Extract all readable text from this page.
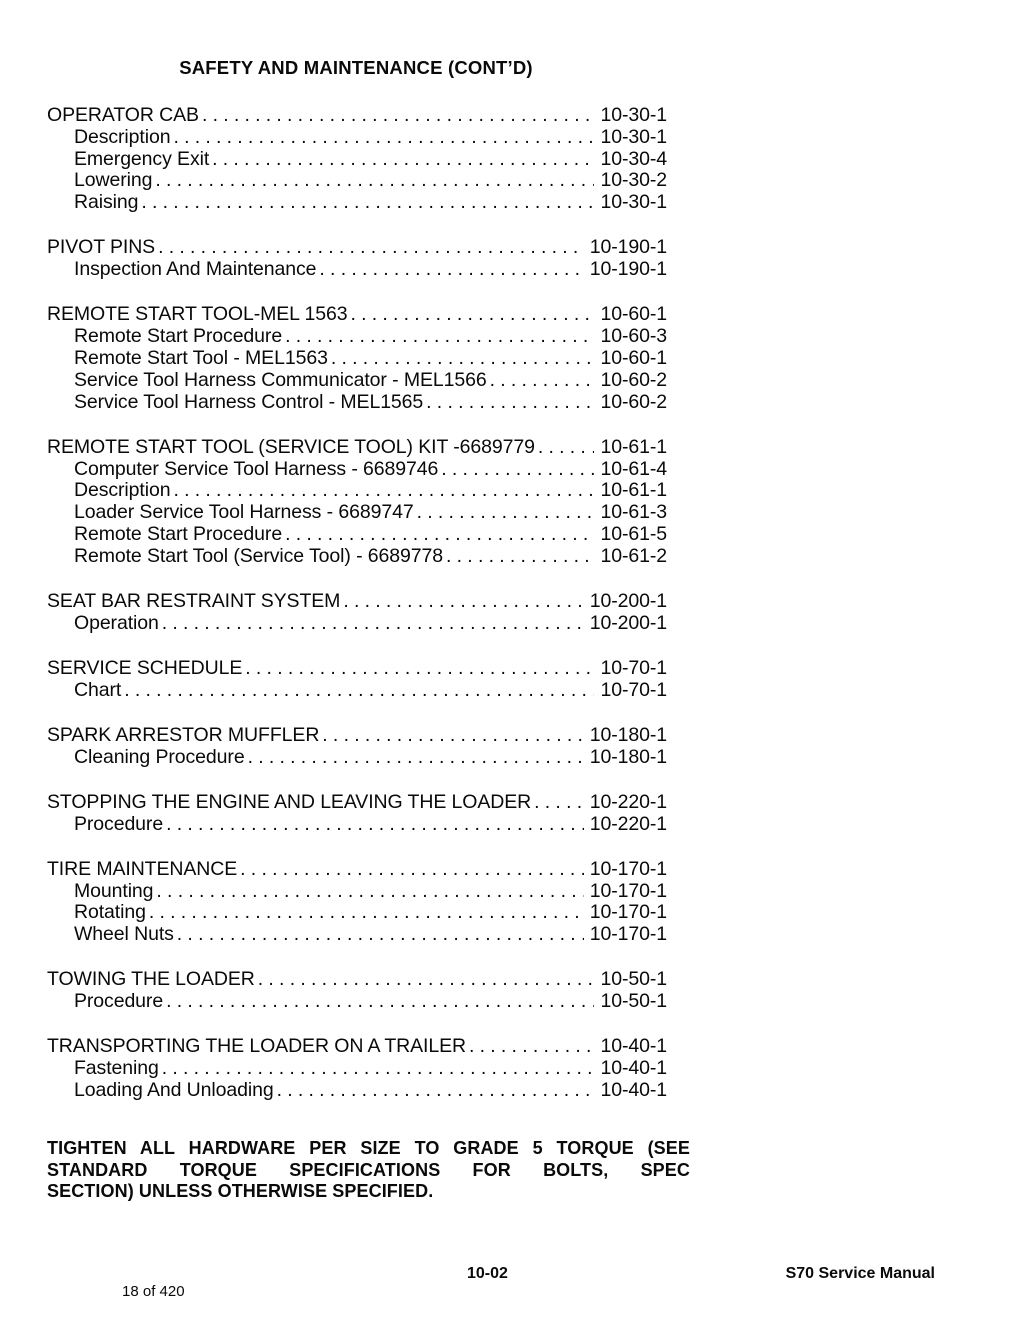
SAFETY AND MAINTENANCE (CONT’D)
OPERATOR CAB . . .	10-30-1
Description . . .	10-30-1
Emergency Exit . . .	10-30-4
Lowering . . .	10-30-2
Raising . . .	10-30-1
PIVOT PINS . . .	10-190-1
Inspection And Maintenance . . .	10-190-1
REMOTE START TOOL-MEL 1563 . . .	10-60-1
Remote Start Procedure . . .	10-60-3
Remote Start Tool - MEL1563 . . .	10-60-1
Service Tool Harness Communicator - MEL1566 . . .	10-60-2
Service Tool Harness Control - MEL1565 . . .	10-60-2
REMOTE START TOOL (SERVICE TOOL) KIT -6689779 . . .	10-61-1
Computer Service Tool Harness - 6689746 . . .	10-61-4
Description . . .	10-61-1
Loader Service Tool Harness - 6689747 . . .	10-61-3
Remote Start Procedure . . .	10-61-5
Remote Start Tool (Service Tool) - 6689778 . . .	10-61-2
SEAT BAR RESTRAINT SYSTEM . . .	10-200-1
Operation . . .	10-200-1
SERVICE SCHEDULE . . .	10-70-1
Chart . . .	10-70-1
SPARK ARRESTOR MUFFLER . . .	10-180-1
Cleaning Procedure . . .	10-180-1
STOPPING THE ENGINE AND LEAVING THE LOADER . . .	10-220-1
Procedure . . .	10-220-1
TIRE MAINTENANCE . . .	10-170-1
Mounting . . .	10-170-1
Rotating . . .	10-170-1
Wheel Nuts . . .	10-170-1
TOWING THE LOADER . . .	10-50-1
Procedure . . .	10-50-1
TRANSPORTING THE LOADER ON A TRAILER . . .	10-40-1
Fastening . . .	10-40-1
Loading And Unloading . . .	10-40-1
TIGHTEN ALL HARDWARE PER SIZE TO GRADE 5 TORQUE (SEE
STANDARD TORQUE SPECIFICATIONS FOR BOLTS, SPEC
SECTION) UNLESS OTHERWISE SPECIFIED.
10-02	S70 Service Manual
18 of 420
